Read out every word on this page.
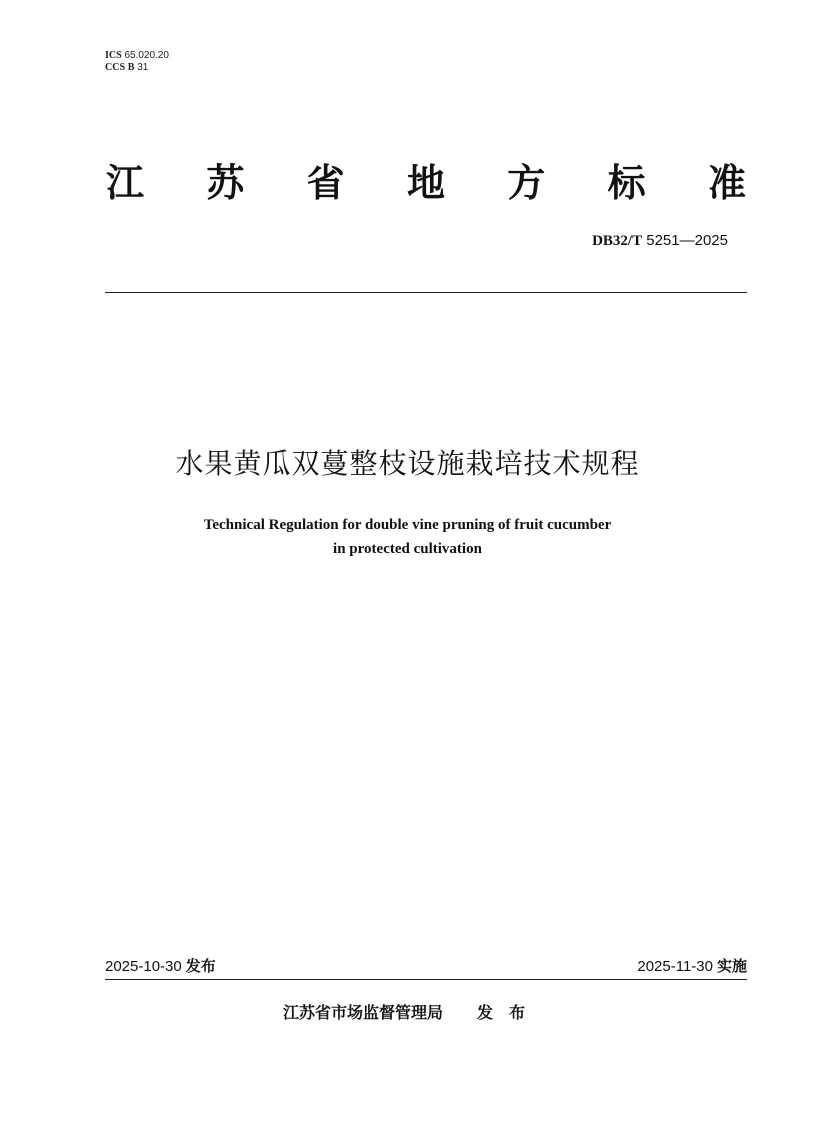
ICS 65.020.20
CCS B 31
江 苏 省 地 方 标 准
DB32/T 5251—2025
水果黄瓜双蔓整枝设施栽培技术规程
Technical Regulation for double vine pruning of fruit cucumber
in protected cultivation
2025-10-30 发布	2025-11-30 实施
江苏省市场监督管理局 发布
